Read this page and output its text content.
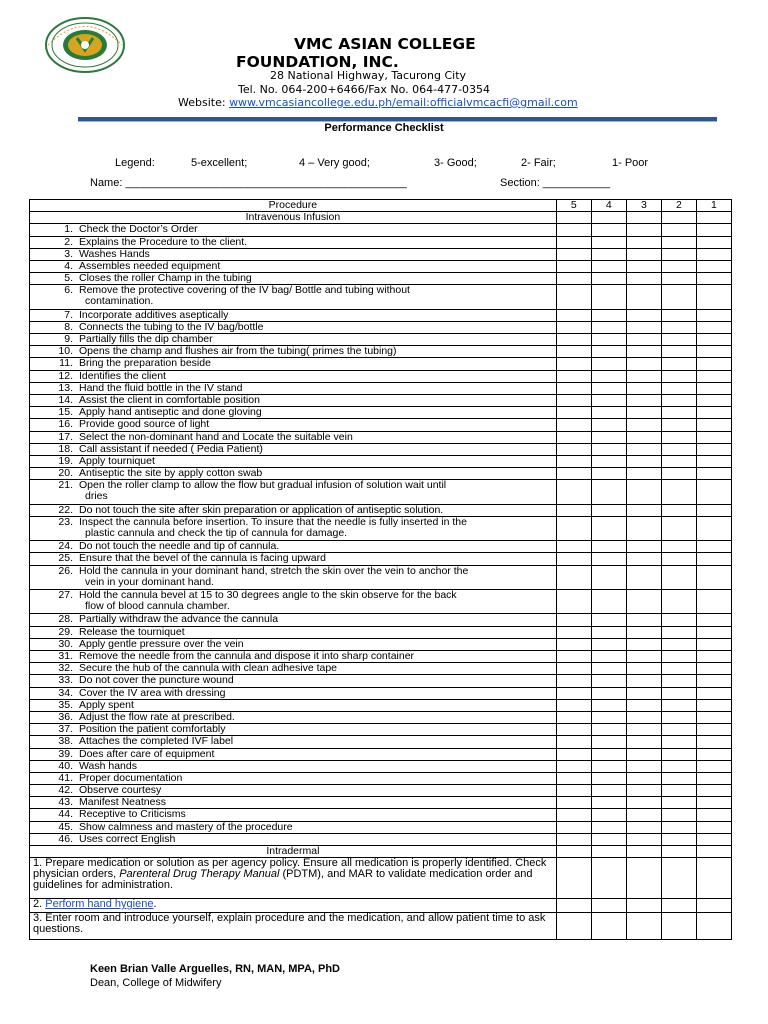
VMC ASIAN COLLEGE
FOUNDATION, INC.
28 National Highway, Tacurong City
Tel. No. 064-200+6466/Fax No. 064-477-0354
Website: www.vmcasiancollege.edu.ph/email:officialvmcacfi@gmail.com
Performance Checklist
Legend:	5-excellent;	4 – Very good;	3- Good;	2- Fair;	1- Poor
Name: ______________________________________________	Section: ___________
Procedure	5	4	3	2	1
Intravenous Infusion					

1. Check the Doctor’s Order					

2. Explains the Procedure to the client.					

3. Washes Hands					

4. Assembles needed equipment					

5. Closes the roller Champ in the tubing					

6. Remove the protective covering of the IV bag/ Bottle and tubing without
contamination.					

7. Incorporate additives aseptically					

8. Connects the tubing to the IV bag/bottle					

9. Partially fills the dip chamber					

10. Opens the champ and flushes air from the tubing( primes the tubing)					

11. Bring the preparation beside					

12. Identifies the client					

13. Hand the fluid bottle in the IV stand					

14. Assist the client in comfortable position					

15. Apply hand antiseptic and done gloving					

16. Provide good source of light					

17. Select the non-dominant hand and Locate the suitable vein					

18. Call assistant if needed ( Pedia Patient)					

19. Apply tourniquet					

20. Antiseptic the site by apply cotton swab					

21. Open the roller clamp to allow the flow but gradual infusion of solution wait until
dries					

22. Do not touch the site after skin preparation or application of antiseptic solution.					

23. Inspect the cannula before insertion. To insure that the needle is fully inserted in the
plastic cannula and check the tip of cannula for damage.					

24. Do not touch the needle and tip of cannula.					

25. Ensure that the bevel of the cannula is facing upward					

26. Hold the cannula in your dominant hand, stretch the skin over the vein to anchor the
vein in your dominant hand.					

27. Hold the cannula bevel at 15 to 30 degrees angle to the skin observe for the back
flow of blood cannula chamber.					

28. Partially withdraw the advance the cannula					

29. Release the tourniquet					

30. Apply gentle pressure over the vein					

31. Remove the needle from the cannula and dispose it into sharp container					

32. Secure the hub of the cannula with clean adhesive tape					

33. Do not cover the puncture wound					

34. Cover the IV area with dressing					

35. Apply spent					

36. Adjust the flow rate at prescribed.					

37. Position the patient comfortably					

38. Attaches the completed IVF label					

39. Does after care of equipment					

40. Wash hands					

41. Proper documentation					

42. Observe courtesy					

43. Manifest Neatness					

44. Receptive to Criticisms					

45. Show calmness and mastery of the procedure					

46. Uses correct English					

Intradermal					
1. Prepare medication or solution as per agency policy. Ensure all medication is properly identified. Check physician orders, Parenteral Drug Therapy Manual (PDTM), and MAR to validate medication order and guidelines for administration.					
2. Perform hand hygiene.					
3. Enter room and introduce yourself, explain procedure and the medication, and allow patient time to ask questions.					
Keen Brian Valle Arguelles, RN, MAN, MPA, PhD
Dean, College of Midwifery
